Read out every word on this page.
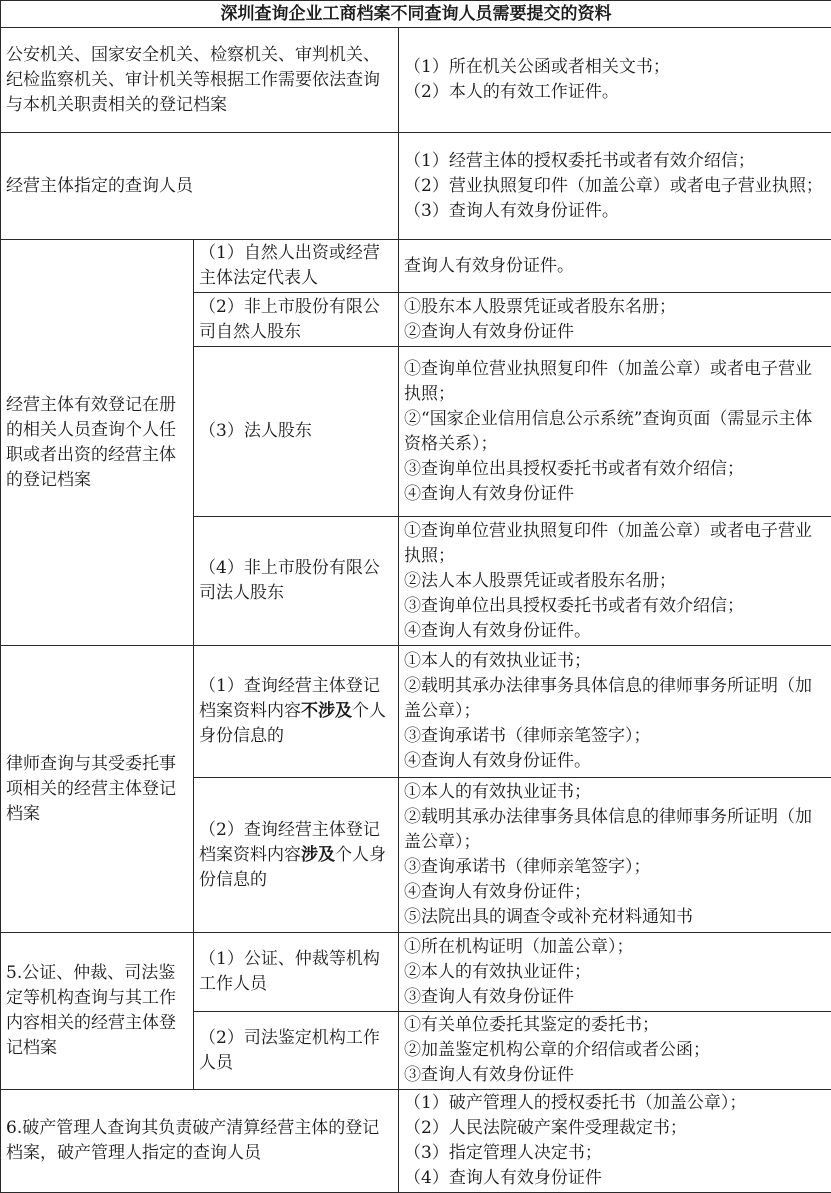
深圳查询企业工商档案不同查询人员需要提交的资料		
公安机关、国家安全机关、检察机关、审判机关、纪检监察机关、审计机关等根据工作需要依法查询与本机关职责相关的登记档案		（1）所在机关公函或者相关文书；
（2）本人的有效工作证件。

经营主体指定的查询人员		（1）经营主体的授权委托书或者有效介绍信；
（2）营业执照复印件（加盖公章）或者电子营业执照；
（3）查询人有效身份证件。

经营主体有效登记在册的相关人员查询个人任职或者出资的经营主体的登记档案	（1）自然人出资或经营主体法定代表人	查询人有效身份证件。

	（2）非上市股份有限公司自然人股东	①股东本人股票凭证或者股东名册；
②查询人有效身份证件

	（3）法人股东	①查询单位营业执照复印件（加盖公章）或者电子营业执照；
②“国家企业信用信息公示系统”查询页面（需显示主体资格关系）；
③查询单位出具授权委托书或者有效介绍信；
④查询人有效身份证件

	（4）非上市股份有限公司法人股东	①查询单位营业执照复印件（加盖公章）或者电子营业执照；
②法人本人股票凭证或者股东名册；
③查询单位出具授权委托书或者有效介绍信；
④查询人有效身份证件。

律师查询与其受委托事项相关的经营主体登记档案	（1）查询经营主体登记档案资料内容不涉及个人身份信息的	①本人的有效执业证书；
②载明其承办法律事务具体信息的律师事务所证明（加盖公章）；
③查询承诺书（律师亲笔签字）；
④查询人有效身份证件。

	（2）查询经营主体登记档案资料内容涉及个人身份信息的	①本人的有效执业证书；
②载明其承办法律事务具体信息的律师事务所证明（加盖公章）；
③查询承诺书（律师亲笔签字）；
④查询人有效身份证件；
⑤法院出具的调查令或补充材料通知书

5.公证、仲裁、司法鉴定等机构查询与其工作内容相关的经营主体登记档案	（1）公证、仲裁等机构工作人员	①所在机构证明（加盖公章）；
②本人的有效执业证件；
③查询人有效身份证件

	（2）司法鉴定机构工作人员	①有关单位委托其鉴定的委托书；
②加盖鉴定机构公章的介绍信或者公函；
③查询人有效身份证件

6.破产管理人查询其负责破产清算经营主体的登记档案，破产管理人指定的查询人员		（1）破产管理人的授权委托书（加盖公章）；
（2）人民法院破产案件受理裁定书；
（3）指定管理人决定书；
（4）查询人有效身份证件
